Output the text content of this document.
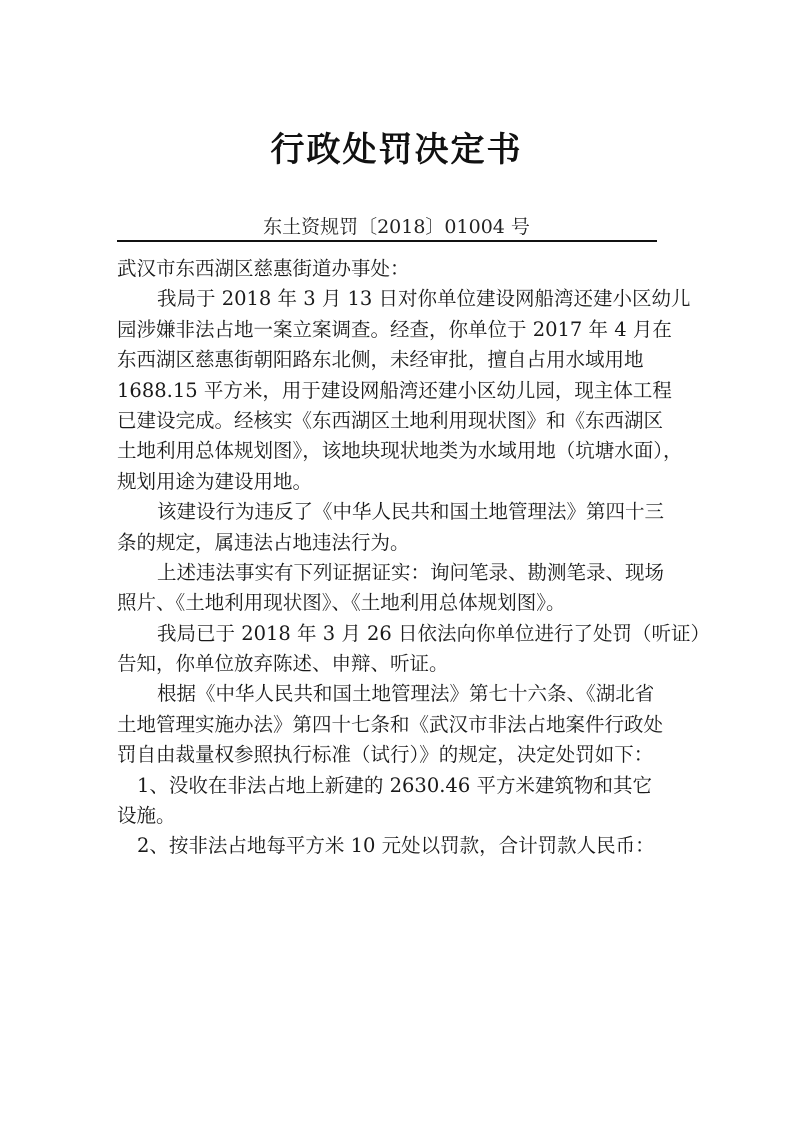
行政处罚决定书
东土资规罚〔2018〕01004 号
武汉市东西湖区慈惠街道办事处：
我局于 2018 年 3 月 13 日对你单位建设网船湾还建小区幼儿
园涉嫌非法占地一案立案调查。经查，你单位于 2017 年 4 月在
东西湖区慈惠街朝阳路东北侧，未经审批，擅自占用水域用地
1688.15 平方米，用于建设网船湾还建小区幼儿园，现主体工程
已建设完成。经核实《东西湖区土地利用现状图》和《东西湖区
土地利用总体规划图》，该地块现状地类为水域用地（坑塘水面），
规划用途为建设用地。
该建设行为违反了《中华人民共和国土地管理法》第四十三
条的规定，属违法占地违法行为。
上述违法事实有下列证据证实：询问笔录、勘测笔录、现场
照片、《土地利用现状图》、《土地利用总体规划图》。
我局已于 2018 年 3 月 26 日依法向你单位进行了处罚（听证）
告知，你单位放弃陈述、申辩、听证。
根据《中华人民共和国土地管理法》第七十六条、《湖北省
土地管理实施办法》第四十七条和《武汉市非法占地案件行政处
罚自由裁量权参照执行标准（试行）》的规定，决定处罚如下：
1、没收在非法占地上新建的 2630.46 平方米建筑物和其它
设施。
2、按非法占地每平方米 10 元处以罚款，合计罚款人民币：
